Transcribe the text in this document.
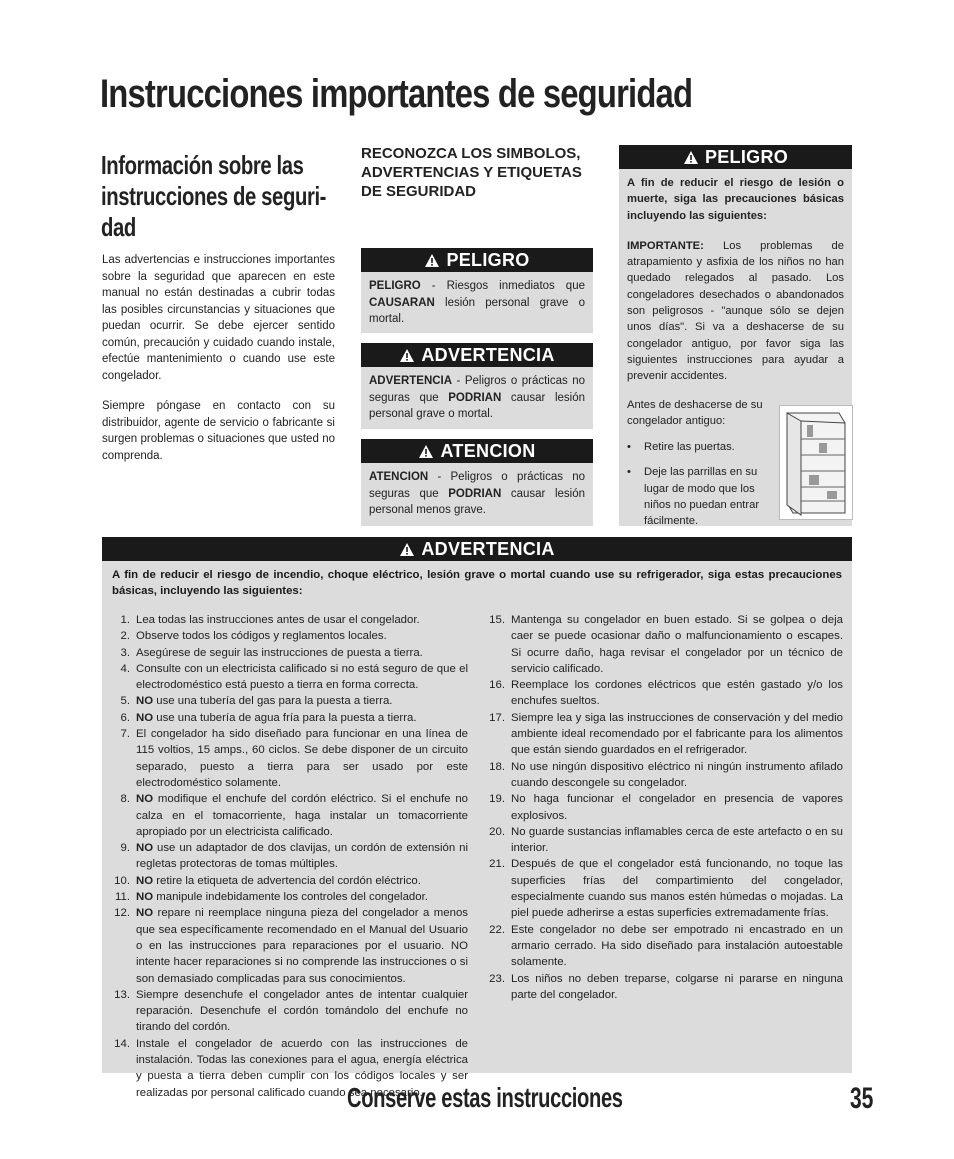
Instrucciones importantes de seguridad
Información sobre las instrucciones de seguri-dad
Las advertencias e instrucciones importantes sobre la seguridad que aparecen en este manual no están destinadas a cubrir todas las posibles circunstancias y situaciones que puedan ocurrir. Se debe ejercer sentido común, precaución y cuidado cuando instale, efectúe mantenimiento o cuando use este congelador.
Siempre póngase en contacto con su distribuidor, agente de servicio o fabricante si surgen problemas o situaciones que usted no comprenda.
RECONOZCA LOS SIMBOLOS, ADVERTENCIAS Y ETIQUETAS DE SEGURIDAD
PELIGRO
PELIGRO - Riesgos inmediatos que CAUSARAN lesión personal grave o mortal.
ADVERTENCIA
ADVERTENCIA - Peligros o prácticas no seguras que PODRIAN causar lesión personal grave o mortal.
ATENCION
ATENCION - Peligros o prácticas no seguras que PODRIAN causar lesión personal menos grave.
PELIGRO
A fin de reducir el riesgo de lesión o muerte, siga las precauciones básicas incluyendo las siguientes:
IMPORTANTE: Los problemas de atrapamiento y asfixia de los niños no han quedado relegados al pasado. Los congeladores desechados o abandonados son peligrosos - "aunque sólo se dejen unos días". Si va a deshacerse de su congelador antiguo, por favor siga las siguientes instrucciones para ayudar a prevenir accidentes.
Antes de deshacerse de su congelador antiguo:
• Retire las puertas.
• Deje las parrillas en su lugar de modo que los niños no puedan entrar fácilmente.
ADVERTENCIA
A fin de reducir el riesgo de incendio, choque eléctrico, lesión grave o mortal cuando use su refrigerador, siga estas precauciones básicas, incluyendo las siguientes:
1. Lea todas las instrucciones antes de usar el congelador.
2. Observe todos los códigos y reglamentos locales.
3. Asegúrese de seguir las instrucciones de puesta a tierra.
4. Consulte con un electricista calificado si no está seguro de que el electrodoméstico está puesto a tierra en forma correcta.
5. NO use una tubería del gas para la puesta a tierra.
6. NO use una tubería de agua fría para la puesta a tierra.
7. El congelador ha sido diseñado para funcionar en una línea de 115 voltios, 15 amps., 60 ciclos. Se debe disponer de un circuito separado, puesto a tierra para ser usado por este electrodoméstico solamente.
8. NO modifique el enchufe del cordón eléctrico. Si el enchufe no calza en el tomacorriente, haga instalar un tomacorriente apropiado por un electricista calificado.
9. NO use un adaptador de dos clavijas, un cordón de extensión ni regletas protectoras de tomas múltiples.
10. NO retire la etiqueta de advertencia del cordón eléctrico.
11. NO manipule indebidamente los controles del congelador.
12. NO repare ni reemplace ninguna pieza del congelador a menos que sea específicamente recomendado en el Manual del Usuario o en las instrucciones para reparaciones por el usuario. NO intente hacer reparaciones si no comprende las instrucciones o si son demasiado complicadas para sus conocimientos.
13. Siempre desenchufe el congelador antes de intentar cualquier reparación. Desenchufe el cordón tomándolo del enchufe no tirando del cordón.
14. Instale el congelador de acuerdo con las instrucciones de instalación. Todas las conexiones para el agua, energía eléctrica y puesta a tierra deben cumplir con los códigos locales y ser realizadas por personal calificado cuando sea necesario.
15. Mantenga su congelador en buen estado. Si se golpea o deja caer se puede ocasionar daño o malfuncionamiento o escapes. Si ocurre daño, haga revisar el congelador por un técnico de servicio calificado.
16. Reemplace los cordones eléctricos que estén gastado y/o los enchufes sueltos.
17. Siempre lea y siga las instrucciones de conservación y del medio ambiente ideal recomendado por el fabricante para los alimentos que están siendo guardados en el refrigerador.
18. No use ningún dispositivo eléctrico ni ningún instrumento afilado cuando descongele su congelador.
19. No haga funcionar el congelador en presencia de vapores explosivos.
20. No guarde sustancias inflamables cerca de este artefacto o en su interior.
21. Después de que el congelador está funcionando, no toque las superficies frías del compartimiento del congelador, especialmente cuando sus manos estén húmedas o mojadas. La piel puede adherirse a estas superficies extremadamente frías.
22. Este congelador no debe ser empotrado ni encastrado en un armario cerrado. Ha sido diseñado para instalación autoestable solamente.
23. Los niños no deben treparse, colgarse ni pararse en ninguna parte del congelador.
Conserve estas instrucciones	35
